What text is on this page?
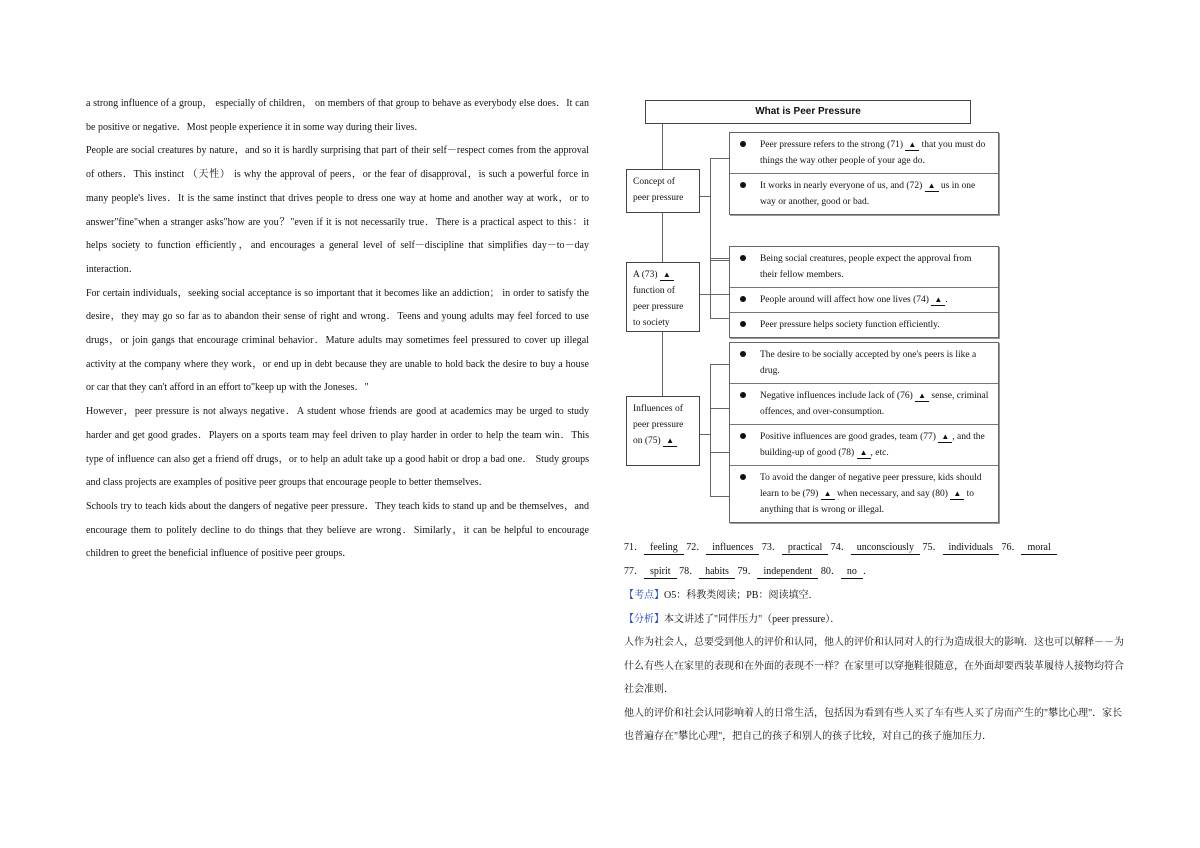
a strong influence of a group， especially of children， on members of that group to behave as everybody else does．It can be positive or negative．Most people experience it in some way during their lives．

People are social creatures by nature，and so it is hardly surprising that part of their self－respect comes from the approval of others．This instinct （天性） is why the approval of peers，or the fear of disapproval，is such a powerful force in many people's lives．It is the same instinct that drives people to dress one way at home and another way at work，or to answer"fine"when a stranger asks"how are you？"even if it is not necessarily true．There is a practical aspect to this：it helps society to function efficiently，and encourages a general level of self－discipline that simplifies day－to－day interaction．

For certain individuals，seeking social acceptance is so important that it becomes like an addiction； in order to satisfy the desire，they may go so far as to abandon their sense of right and wrong．Teens and young adults may feel forced to use drugs，or join gangs that encourage criminal behavior．Mature adults may sometimes feel pressured to cover up illegal activity at the company where they work，or end up in debt because they are unable to hold back the desire to buy a house or car that they can't afford in an effort to"keep up with the Joneses．"

However，peer pressure is not always negative．A student whose friends are good at academics may be urged to study harder and get good grades．Players on a sports team may feel driven to play harder in order to help the team win．This type of influence can also get a friend off drugs，or to help an adult take up a good habit or drop a bad one． Study groups and class projects are examples of positive peer groups that encourage people to better themselves．

Schools try to teach kids about the dangers of negative peer pressure．They teach kids to stand up and be themselves，and encourage them to politely decline to do things that they believe are wrong．Similarly，it can be helpful to encourage children to greet the beneficial influence of positive peer groups．

What is Peer Pressure
Concept of peer pressure
A (73) ▲ function of peer pressure to society
Influences of peer pressure on (75) ▲
Peer pressure refers to the strong (71) ▲ that you must do things the way other people of your age do.
It works in nearly everyone of us, and (72) ▲ us in one way or another, good or bad.
Being social creatures, people expect the approval from their fellow members.
People around will affect how one lives (74) ▲ .
Peer pressure helps society function efficiently.
The desire to be socially accepted by one's peers is like a drug.
Negative influences include lack of (76) ▲ sense, criminal offences, and over-consumption.
Positive influences are good grades, team (77) ▲ , and the building-up of good (78) ▲ , etc.
To avoid the danger of negative peer pressure, kids should learn to be (79) ▲ when necessary, and say (80) ▲ to anything that is wrong or illegal.

71． feeling 72． influences 73． practical 74． unconsciously 75． individuals 76． moral

77． spirit 78． habits 79． independent 80． no ．

【考点】O5：科教类阅读；PB：阅读填空．

【分析】本文讲述了"同伴压力"（peer pressure）．

人作为社会人，总要受到他人的评价和认同，他人的评价和认同对人的行为造成很大的影响．这也可以解释－－为什么有些人在家里的表现和在外面的表现不一样？在家里可以穿拖鞋很随意，在外面却要西装革履待人接物均符合社会准则．

他人的评价和社会认同影响着人的日常生活，包括因为看到有些人买了车有些人买了房而产生的"攀比心理"．家长也普遍存在"攀比心理"，把自己的孩子和别人的孩子比较，对自己的孩子施加压力．
